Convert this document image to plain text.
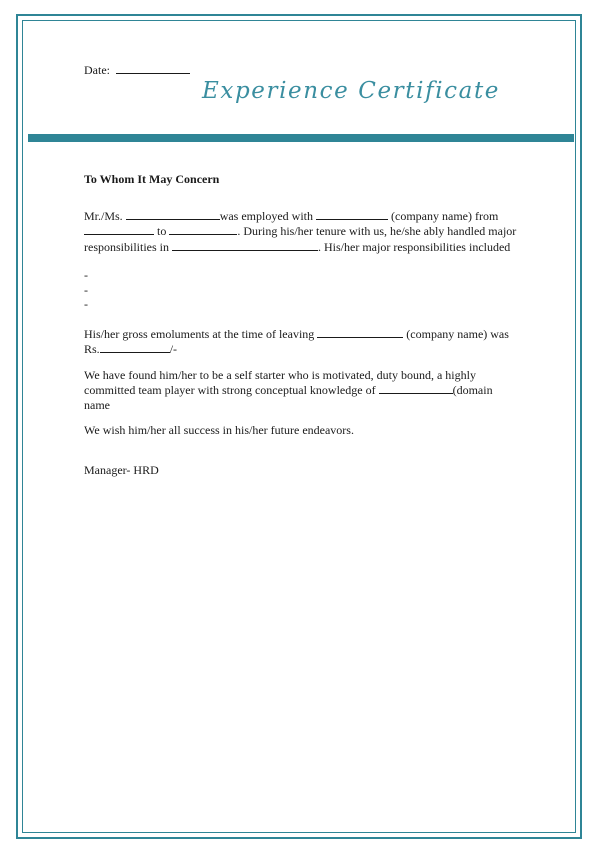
Date:
Experience Certificate
To Whom It May Concern
Mr./Ms.	was employed with	(company name) from  to	. During his/her tenure with us, he/she ably handled major responsibilities in	. His/her major responsibilities included
-
-
-
His/her gross emoluments at the time of leaving	(company name) was Rs.	/-
We have found him/her to be a self starter who is motivated, duty bound, a highly committed team player with strong conceptual knowledge of	(domain name
We wish him/her all success in his/her future endeavors.
Manager- HRD
